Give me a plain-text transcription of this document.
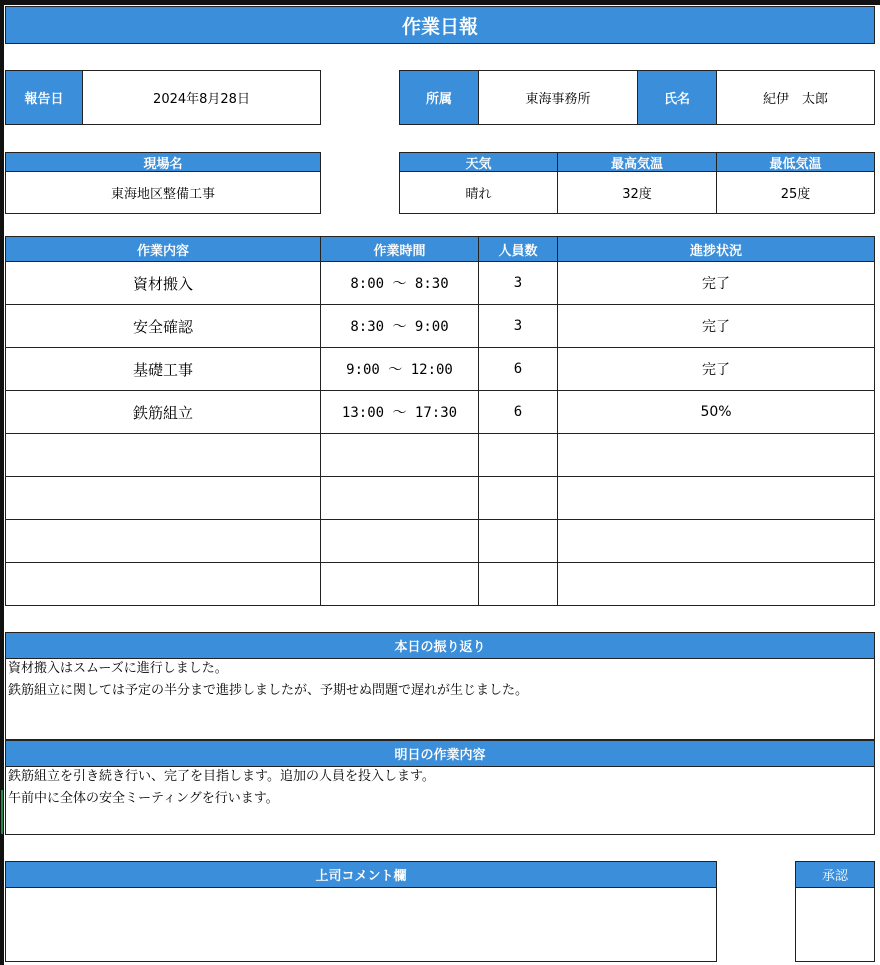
作業日報
報告日	2024年8月28日	所属	東海事務所	氏名	紀伊　太郎
現場名
東海地区整備工事
天気	最高気温	最低気温
晴れ	32度	25度
作業内容	作業時間	人員数	進捗状況
資材搬入	8:00 ～ 8:30	3	完了
安全確認	8:30 ～ 9:00	3	完了
基礎工事	9:00 ～ 12:00	6	完了
鉄筋組立	13:00 ～ 17:30	6	50%
本日の振り返り
資材搬入はスムーズに進行しました。
鉄筋組立に関しては予定の半分まで進捗しましたが、予期せぬ問題で遅れが生じました。
明日の作業内容
鉄筋組立を引き続き行い、完了を目指します。追加の人員を投入します。
午前中に全体の安全ミーティングを行います。
上司コメント欄	承認
